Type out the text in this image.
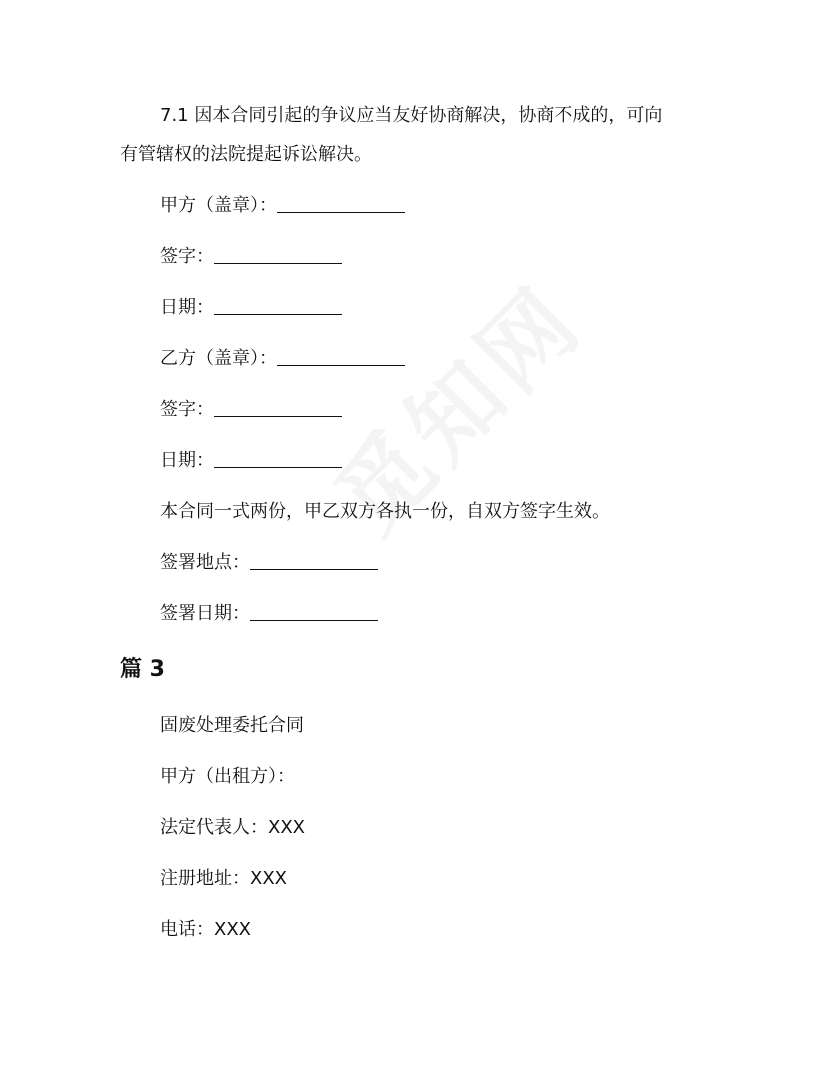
7.1 因本合同引起的争议应当友好协商解决，协商不成的，可向
有管辖权的法院提起诉讼解决。
甲方（盖章）：
签字：
日期：
乙方（盖章）：
签字：
日期：
本合同一式两份，甲乙双方各执一份，自双方签字生效。
签署地点：
签署日期：
篇 3
固废处理委托合同
甲方（出租方）：
法定代表人：XXX
注册地址：XXX
电话：XXX
